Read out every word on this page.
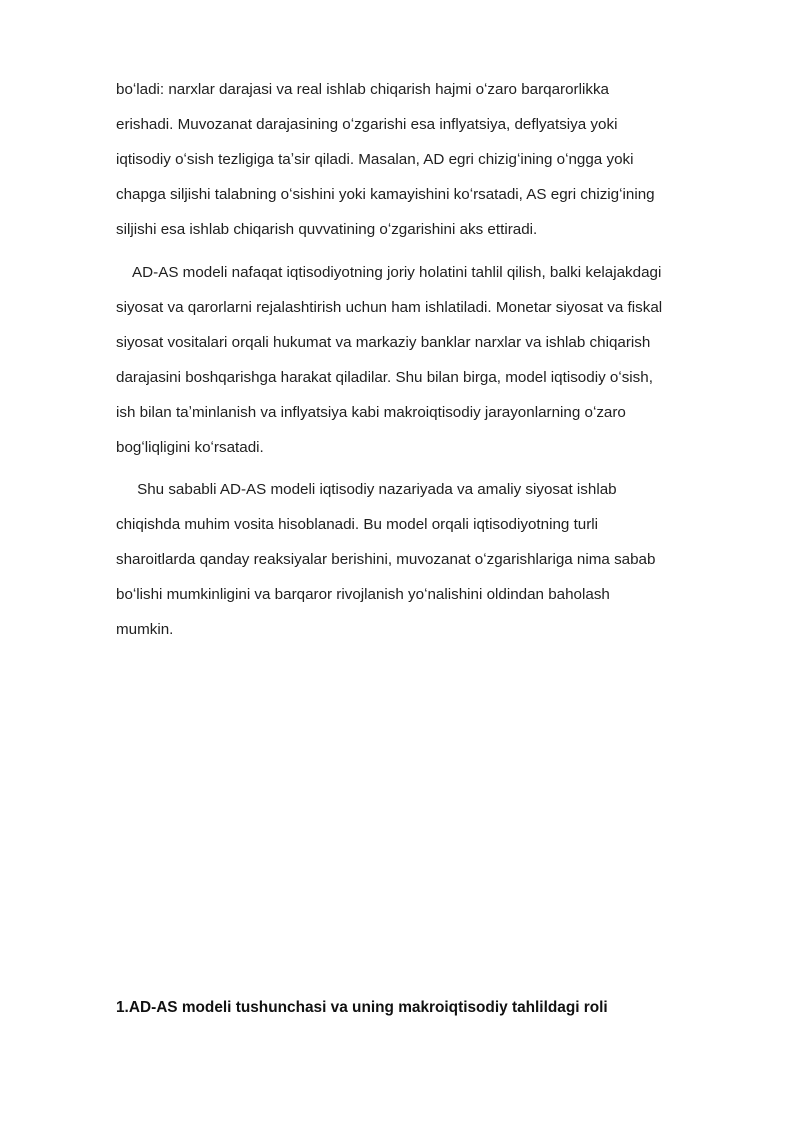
boʻladi: narxlar darajasi va real ishlab chiqarish hajmi oʻzaro barqarorlikka
erishadi. Muvozanat darajasining oʻzgarishi esa inflyatsiya, deflyatsiya yoki
iqtisodiy oʻsish tezligiga taʼsir qiladi. Masalan, AD egri chizigʻining oʻngga yoki
chapga siljishi talabning oʻsishini yoki kamayishini koʻrsatadi, AS egri chizigʻining
siljishi esa ishlab chiqarish quvvatining oʻzgarishini aks ettiradi.
AD-AS modeli nafaqat iqtisodiyotning joriy holatini tahlil qilish, balki kelajakdagi
siyosat va qarorlarni rejalashtirish uchun ham ishlatiladi. Monetar siyosat va fiskal
siyosat vositalari orqali hukumat va markaziy banklar narxlar va ishlab chiqarish
darajasini boshqarishga harakat qiladilar. Shu bilan birga, model iqtisodiy oʻsish,
ish bilan taʼminlanish va inflyatsiya kabi makroiqtisodiy jarayonlarning oʻzaro
bogʻliqligini koʻrsatadi.
Shu sababli AD-AS modeli iqtisodiy nazariyada va amaliy siyosat ishlab
chiqishda muhim vosita hisoblanadi. Bu model orqali iqtisodiyotning turli
sharoitlarda qanday reaksiyalar berishini, muvozanat oʻzgarishlariga nima sabab
boʻlishi mumkinligini va barqaror rivojlanish yoʻnalishini oldindan baholash
mumkin.
1.AD-AS modeli tushunchasi va uning makroiqtisodiy tahlildagi roli
